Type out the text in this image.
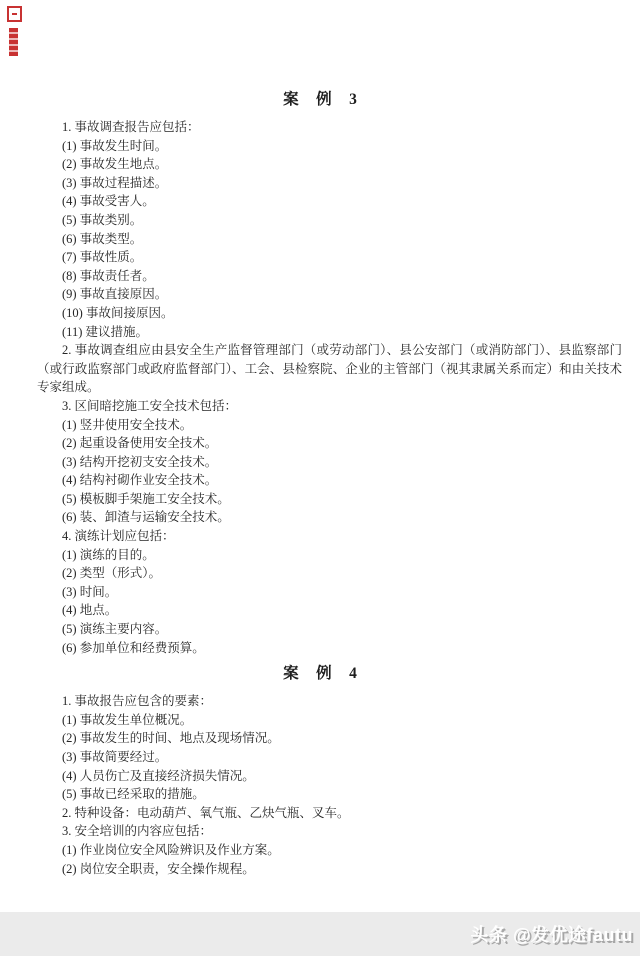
案　例　3

1. 事故调查报告应包括：

(1) 事故发生时间。

(2) 事故发生地点。

(3) 事故过程描述。

(4) 事故受害人。

(5) 事故类别。

(6) 事故类型。

(7) 事故性质。

(8) 事故责任者。

(9) 事故直接原因。

(10) 事故间接原因。

(11) 建议措施。

2. 事故调查组应由县安全生产监督管理部门（或劳动部门）、县公安部门（或消防部门）、县监察部门（或行政监察部门或政府监督部门）、工会、县检察院、企业的主管部门（视其隶属关系而定）和由关技术专家组成。

3. 区间暗挖施工安全技术包括：

(1) 竖井使用安全技术。

(2) 起重设备使用安全技术。

(3) 结构开挖初支安全技术。

(4) 结构衬砌作业安全技术。

(5) 模板脚手架施工安全技术。

(6) 装、卸渣与运输安全技术。

4. 演练计划应包括：

(1) 演练的目的。

(2) 类型（形式）。

(3) 时间。

(4) 地点。

(5) 演练主要内容。

(6) 参加单位和经费预算。

案　例　4

1. 事故报告应包含的要素：

(1) 事故发生单位概况。

(2) 事故发生的时间、地点及现场情况。

(3) 事故简要经过。

(4) 人员伤亡及直接经济损失情况。

(5) 事故已经采取的措施。

2. 特种设备：电动葫芦、氧气瓶、乙炔气瓶、叉车。

3. 安全培训的内容应包括：

(1) 作业岗位安全风险辨识及作业方案。

(2) 岗位安全职责，安全操作规程。

头条 @发优途fautu
